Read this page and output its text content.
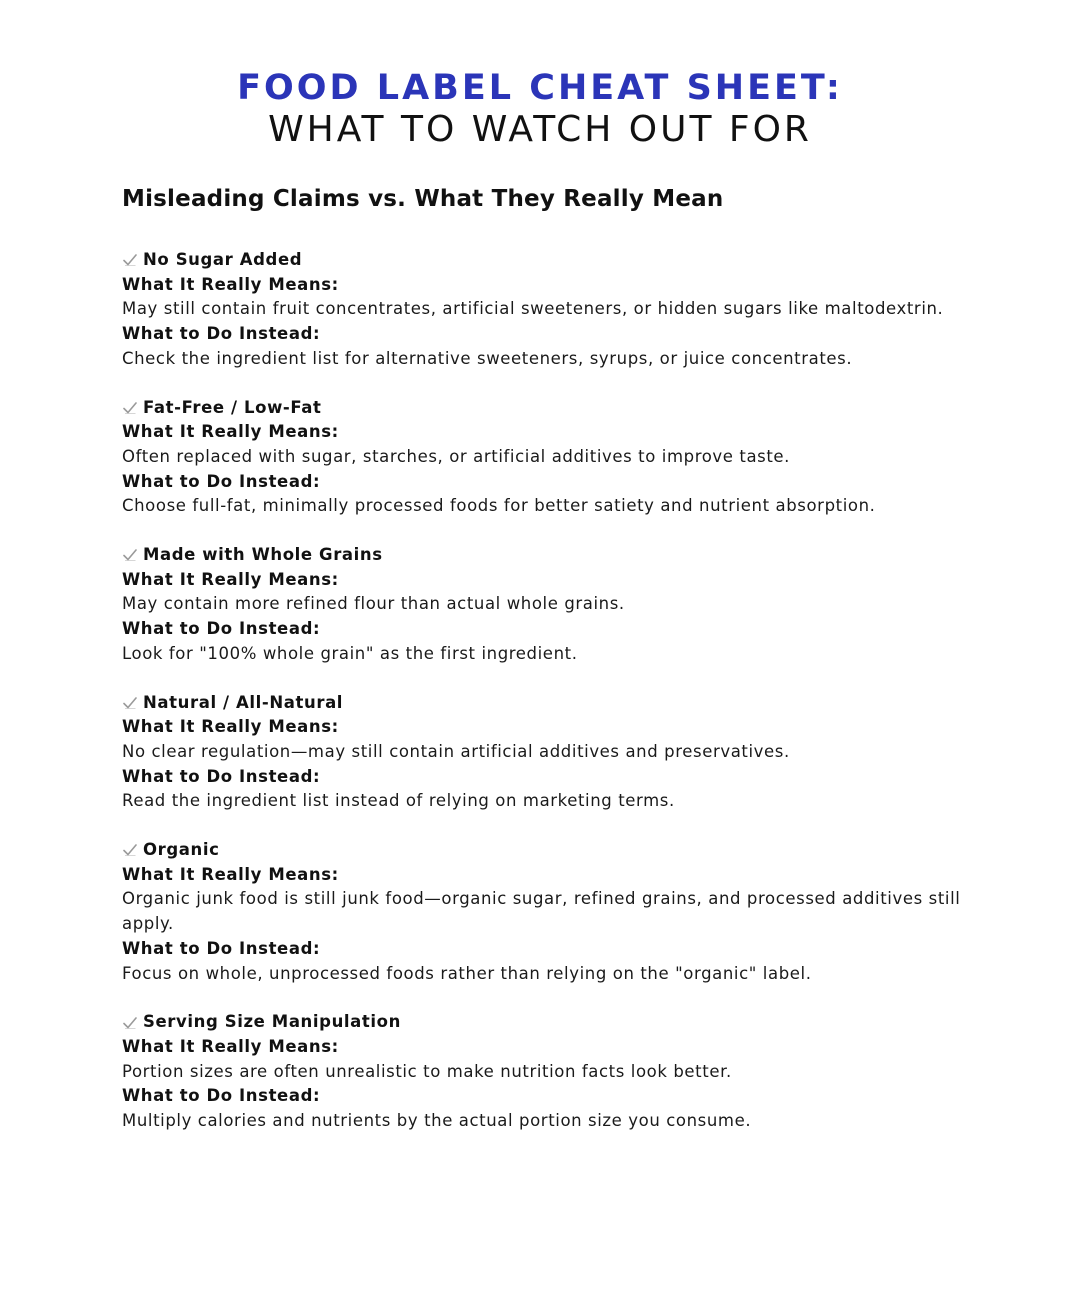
FOOD LABEL CHEAT SHEET:
WHAT TO WATCH OUT FOR
Misleading Claims vs. What They Really Mean
No Sugar Added
What It Really Means:
May still contain fruit concentrates, artificial sweeteners, or hidden sugars like maltodextrin.
What to Do Instead:
Check the ingredient list for alternative sweeteners, syrups, or juice concentrates.
Fat-Free / Low-Fat
What It Really Means:
Often replaced with sugar, starches, or artificial additives to improve taste.
What to Do Instead:
Choose full-fat, minimally processed foods for better satiety and nutrient absorption.
Made with Whole Grains
What It Really Means:
May contain more refined flour than actual whole grains.
What to Do Instead:
Look for "100% whole grain" as the first ingredient.
Natural / All-Natural
What It Really Means:
No clear regulation—may still contain artificial additives and preservatives.
What to Do Instead:
Read the ingredient list instead of relying on marketing terms.
Organic
What It Really Means:
Organic junk food is still junk food—organic sugar, refined grains, and processed additives still apply.
What to Do Instead:
Focus on whole, unprocessed foods rather than relying on the "organic" label.
Serving Size Manipulation
What It Really Means:
Portion sizes are often unrealistic to make nutrition facts look better.
What to Do Instead:
Multiply calories and nutrients by the actual portion size you consume.
